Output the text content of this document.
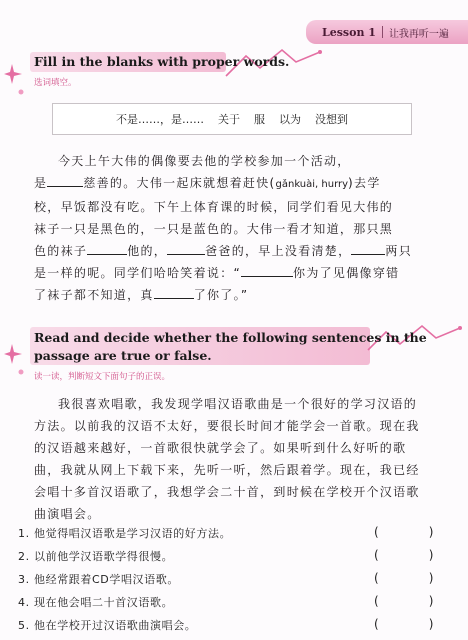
Lesson 1 让我再听一遍
Fill in the blanks with proper words.
选词填空。
不是……，是…… 关于 服 以为 没想到

今天上午大伟的偶像要去他的学校参加一个活动，

是	慈善的。大伟一起床就想着赶快(gǎnkuài, hurry)去学

校，早饭都没有吃。下午上体育课的时候，同学们看见大伟的

袜子一只是黑色的，一只是蓝色的。大伟一看才知道，那只黑

色的袜子	他的，	爸爸的，早上没看清楚，	两只

是一样的呢。同学们哈哈笑着说：“	你为了见偶像穿错

了袜子都不知道，真	了你了。”

Read and decide whether the following sentences in the
passage are true or false.
读一读，判断短文下面句子的正误。

我很喜欢唱歌，我发现学唱汉语歌曲是一个很好的学习汉语的

方法。以前我的汉语不太好，要很长时间才能学会一首歌。现在我

的汉语越来越好，一首歌很快就学会了。如果听到什么好听的歌

曲，我就从网上下载下来，先听一听，然后跟着学。现在，我已经

会唱十多首汉语歌了，我想学会二十首，到时候在学校开个汉语歌

曲演唱会。

1. 他觉得唱汉语歌是学习汉语的好方法。	(	)
2. 以前他学汉语歌学得很慢。	(	)
3. 他经常跟着CD学唱汉语歌。	(	)
4. 现在他会唱二十首汉语歌。	(	)
5. 他在学校开过汉语歌曲演唱会。	(	)
